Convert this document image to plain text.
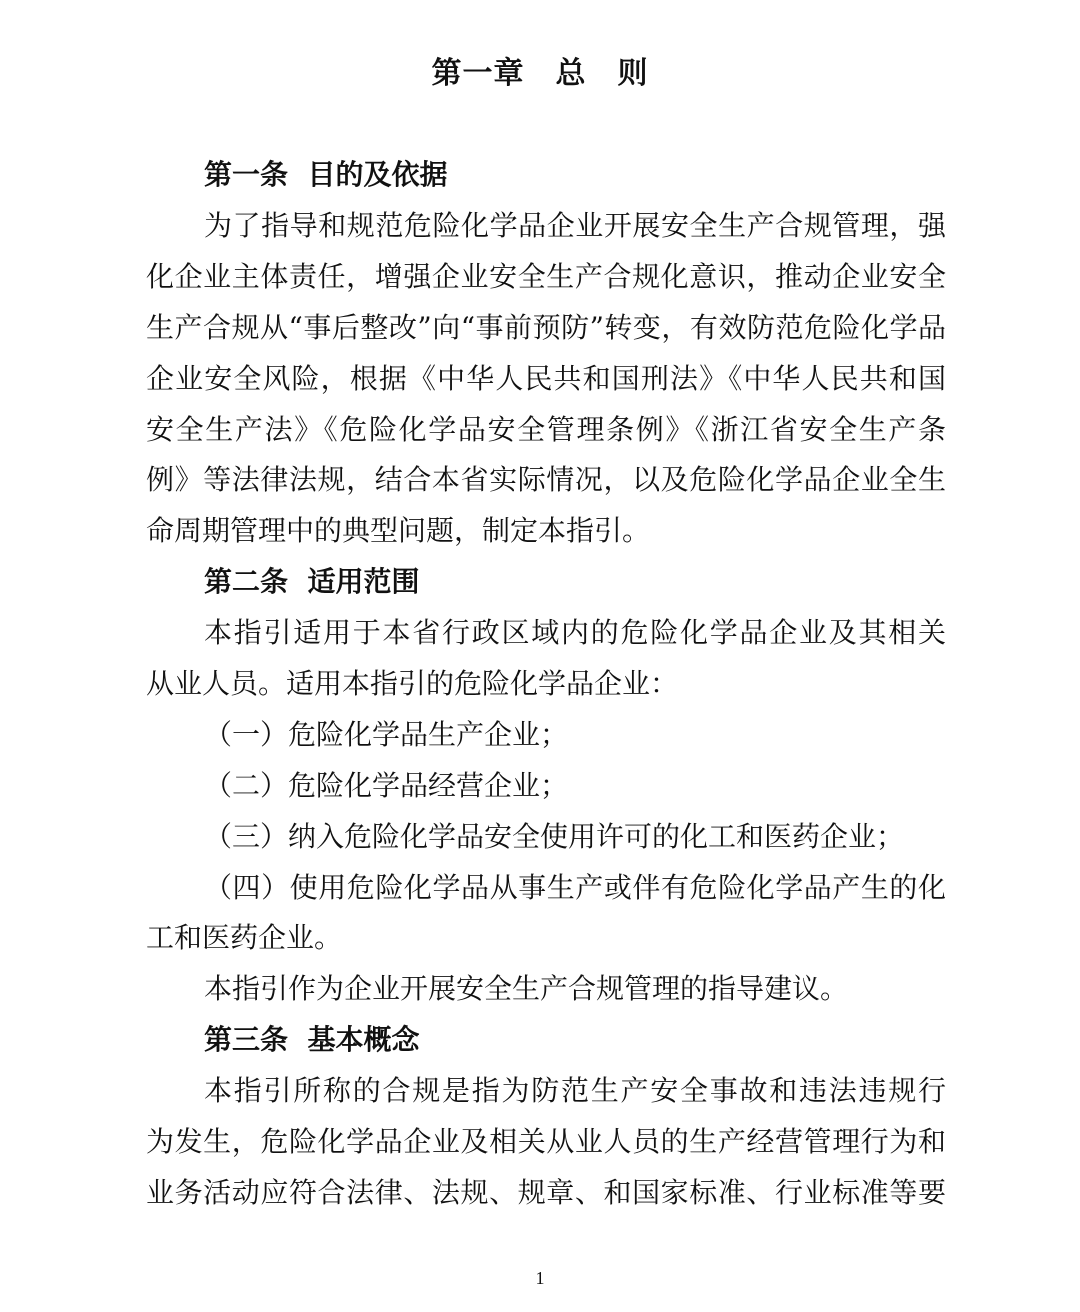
第一章　总　则
第一条  目的及依据
为了指导和规范危险化学品企业开展安全生产合规管理，强
化企业主体责任，增强企业安全生产合规化意识，推动企业安全
生产合规从“事后整改”向“事前预防”转变，有效防范危险化学品
企业安全风险，根据《中华人民共和国刑法》《中华人民共和国
安全生产法》《危险化学品安全管理条例》《浙江省安全生产条
例》等法律法规，结合本省实际情况，以及危险化学品企业全生
命周期管理中的典型问题，制定本指引。
第二条  适用范围
本指引适用于本省行政区域内的危险化学品企业及其相关
从业人员。适用本指引的危险化学品企业：
（一）危险化学品生产企业；
（二）危险化学品经营企业；
（三）纳入危险化学品安全使用许可的化工和医药企业；
（四）使用危险化学品从事生产或伴有危险化学品产生的化
工和医药企业。
本指引作为企业开展安全生产合规管理的指导建议。
第三条  基本概念
本指引所称的合规是指为防范生产安全事故和违法违规行
为发生，危险化学品企业及相关从业人员的生产经营管理行为和
业务活动应符合法律、法规、规章、和国家标准、行业标准等要
1
